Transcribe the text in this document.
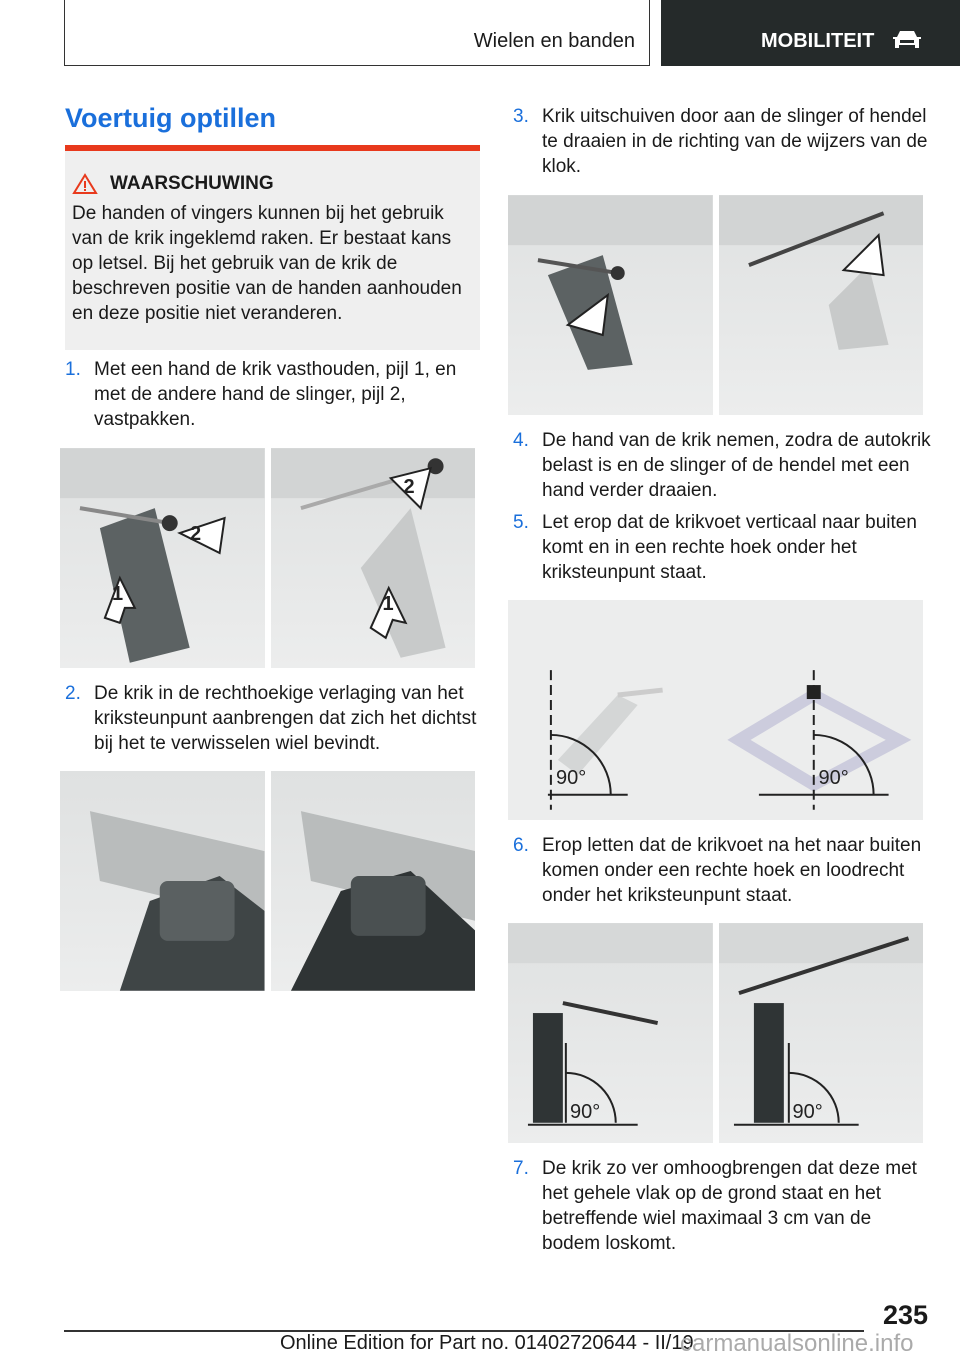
Wielen en banden	MOBILITEIT
Voertuig optillen
WAARSCHUWING

De handen of vingers kunnen bij het gebruik van de krik ingeklemd raken. Er bestaat kans op letsel. Bij het gebruik van de krik de beschreven positie van de handen aanhouden en deze positie niet veranderen.

1. Met een hand de krik vasthouden, pijl 1, en met de andere hand de slinger, pijl 2, vastpakken.
1
2
1
2
2. De krik in de rechthoekige verlaging van het kriksteunpunt aanbrengen dat zich het dichtst bij het te verwisselen wiel bevindt.
3. Krik uitschuiven door aan de slinger of hendel te draaien in de richting van de wijzers van de klok.
4. De hand van de krik nemen, zodra de autokrik belast is en de slinger of de hendel met een hand verder draaien.
5. Let erop dat de krikvoet verticaal naar buiten komt en in een rechte hoek onder het kriksteunpunt staat.
90°	90°
6. Erop letten dat de krikvoet na het naar buiten komen onder een rechte hoek en loodrecht onder het kriksteunpunt staat.
90°	90°
7. De krik zo ver omhoogbrengen dat deze met het gehele vlak op de grond staat en het betreffende wiel maximaal 3 cm van de bodem loskomt.
235
Online Edition for Part no. 01402720644 - II/19
carmanualsonline.info
